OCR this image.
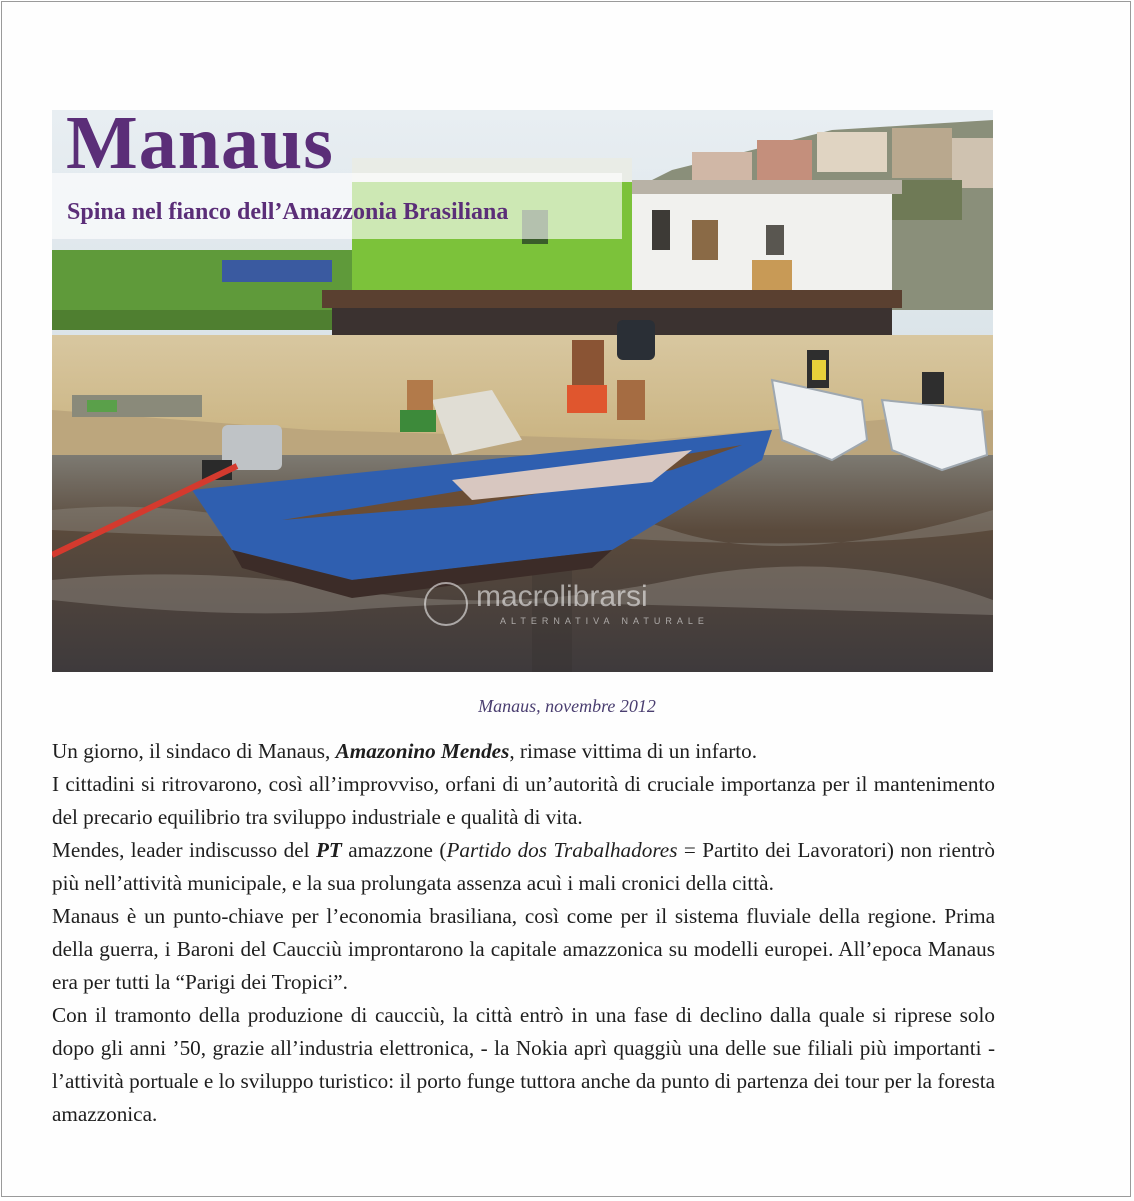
Manaus
Spina nel fianco dell’Amazzonia Brasiliana
macrolibrarsi
ALTERNATIVA NATURALE
Manaus, novembre 2012

Un giorno, il sindaco di Manaus, Amazonino Mendes, rimase vittima di un infarto.

I cittadini si ritrovarono, così all’improvviso, orfani di un’autorità di cruciale importanza per il mantenimento del precario equilibrio tra sviluppo industriale e qualità di vita.

Mendes, leader indiscusso del PT amazzone (Partido dos Trabalhadores = Partito dei Lavoratori) non rientrò più nell’attività municipale, e la sua prolungata assenza acuì i mali cronici della città.

Manaus è un punto-chiave per l’economia brasiliana, così come per il sistema fluviale della regione. Prima della guerra, i Baroni del Caucciù improntarono la capitale amazzonica su modelli europei. All’epoca Manaus era per tutti la “Parigi dei Tropici”.

Con il tramonto della produzione di caucciù, la città entrò in una fase di declino dalla quale si riprese solo dopo gli anni ’50, grazie all’industria elettronica, - la Nokia aprì quaggiù una delle sue filiali più importanti - l’attività portuale e lo sviluppo turistico: il porto funge tuttora anche da punto di partenza dei tour per la foresta amazzonica.
